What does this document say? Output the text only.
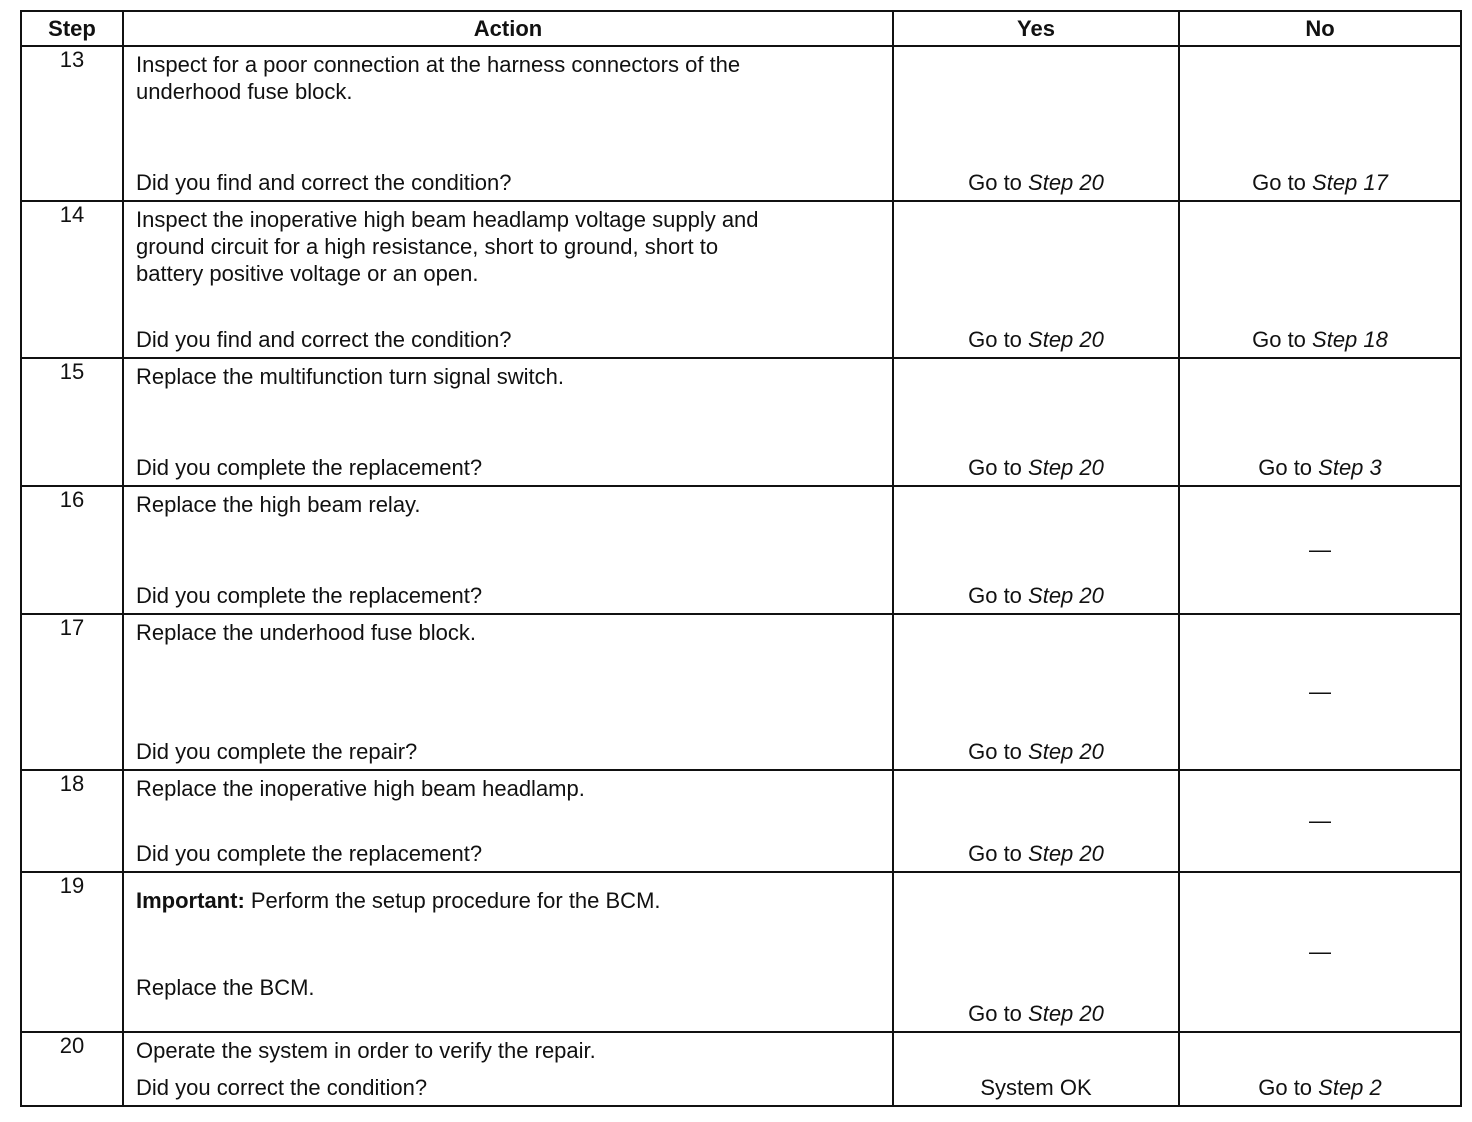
Step	Action	Yes	No
13	Inspect for a poor connection at the harness connectors of the
underhood fuse block.
Did you find and correct the condition?	Go to Step 20	Go to Step 17

14	Inspect the inoperative high beam headlamp voltage supply and
ground circuit for a high resistance, short to ground, short to
battery positive voltage or an open.
Did you find and correct the condition?	Go to Step 20	Go to Step 18

15	Replace the multifunction turn signal switch.
Did you complete the replacement?	Go to Step 20	Go to Step 3

16	Replace the high beam relay.
Did you complete the replacement?	Go to Step 20	—

17	Replace the underhood fuse block.
Did you complete the repair?	Go to Step 20	—

18	Replace the inoperative high beam headlamp.
Did you complete the replacement?	Go to Step 20	—

19	Important: Perform the setup procedure for the BCM.
Replace the BCM.	Go to Step 20	—

20	Operate the system in order to verify the repair.
Did you correct the condition?	System OK	Go to Step 2
